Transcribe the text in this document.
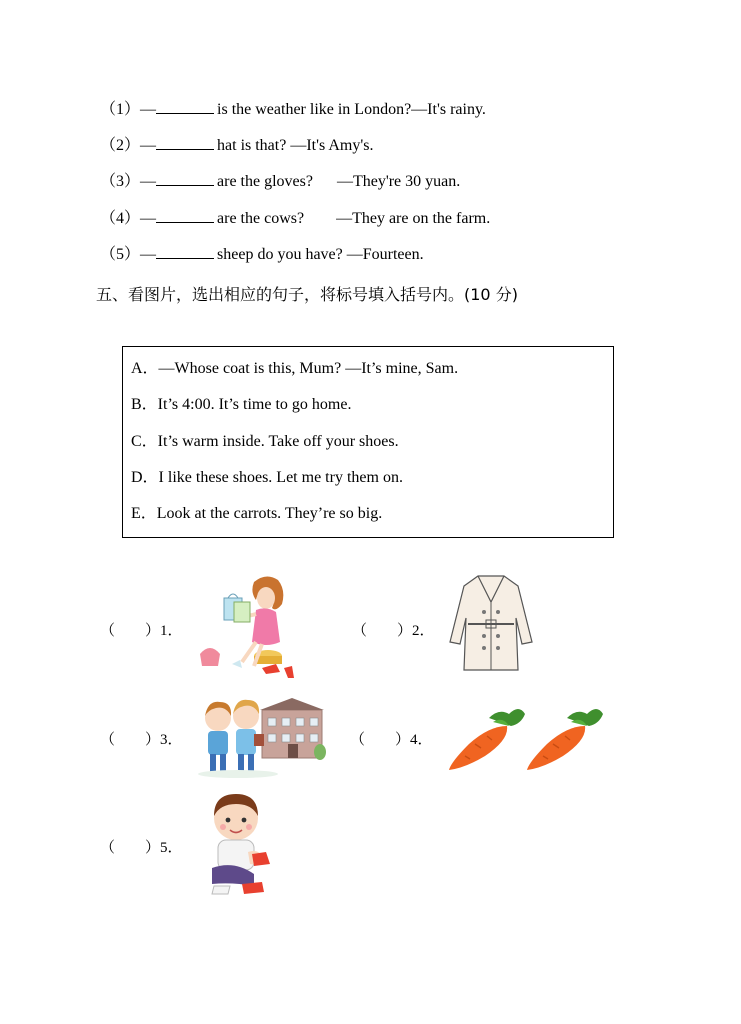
（1）—	is the weather like in London?—It's rainy.
（2）—	hat is that? —It's Amy's.
（3）—	are the gloves?      —They're 30 yuan.
（4）—	are the cows?        —They are on the farm.
（5）—	sheep do you have? —Fourteen.
五、看图片，选出相应的句子，将标号填入括号内。(10 分)
A．—Whose coat is this, Mum? —It’s mine, Sam.
B．It’s 4:00. It’s time to go home.
C．It’s warm inside. Take off your shoes.
D．I like these shoes. Let me try them on.
E．Look at the carrots. They’re so big.
（　　）1．	（　　）2．
（　　）3．	（　　）4．
（　　）5．
